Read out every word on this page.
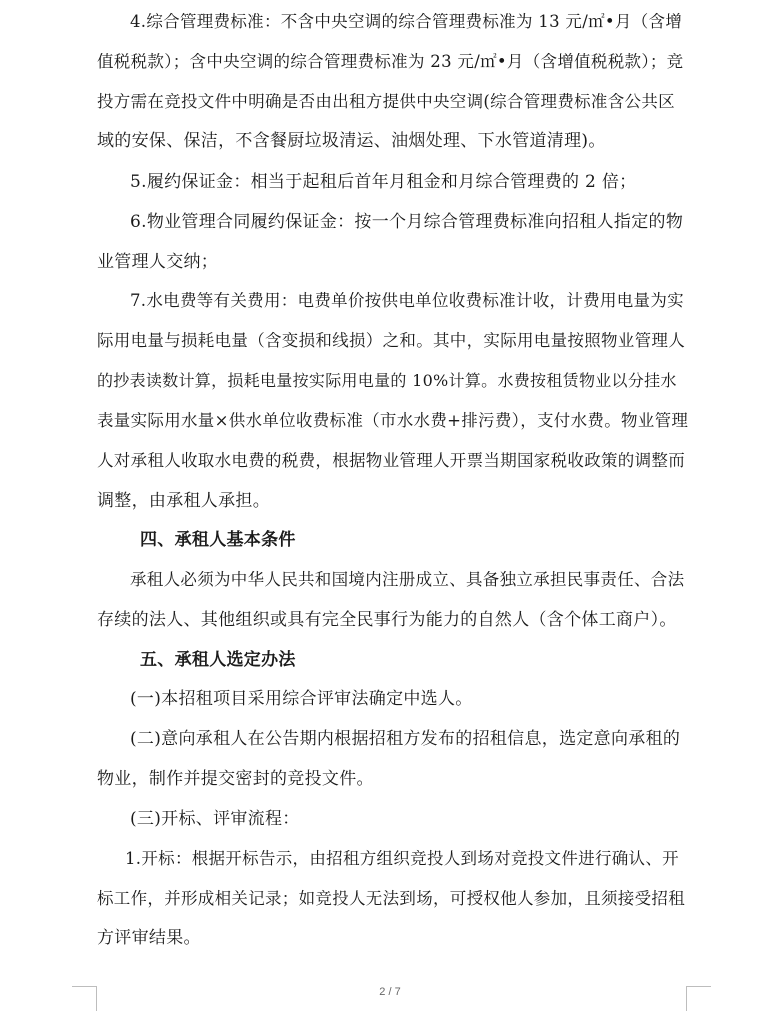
4.综合管理费标准：不含中央空调的综合管理费标准为 13 元/㎡•月（含增
值税税款）；含中央空调的综合管理费标准为 23 元/㎡•月（含增值税税款）；竞
投方需在竞投文件中明确是否由出租方提供中央空调(综合管理费标准含公共区
域的安保、保洁，不含餐厨垃圾清运、油烟处理、下水管道清理)。
5.履约保证金：相当于起租后首年月租金和月综合管理费的 2 倍；
6.物业管理合同履约保证金：按一个月综合管理费标准向招租人指定的物
业管理人交纳；
7.水电费等有关费用：电费单价按供电单位收费标准计收，计费用电量为实
际用电量与损耗电量（含变损和线损）之和。其中，实际用电量按照物业管理人
的抄表读数计算，损耗电量按实际用电量的 10%计算。水费按租赁物业以分挂水
表量实际用水量×供水单位收费标准（市水水费+排污费），支付水费。物业管理
人对承租人收取水电费的税费，根据物业管理人开票当期国家税收政策的调整而
调整，由承租人承担。
四、承租人基本条件
承租人必须为中华人民共和国境内注册成立、具备独立承担民事责任、合法
存续的法人、其他组织或具有完全民事行为能力的自然人（含个体工商户）。
五、承租人选定办法
(一)本招租项目采用综合评审法确定中选人。
(二)意向承租人在公告期内根据招租方发布的招租信息，选定意向承租的
物业，制作并提交密封的竞投文件。
(三)开标、评审流程：
1.开标：根据开标告示，由招租方组织竞投人到场对竞投文件进行确认、开
标工作，并形成相关记录；如竞投人无法到场，可授权他人参加，且须接受招租
方评审结果。
2 / 7
